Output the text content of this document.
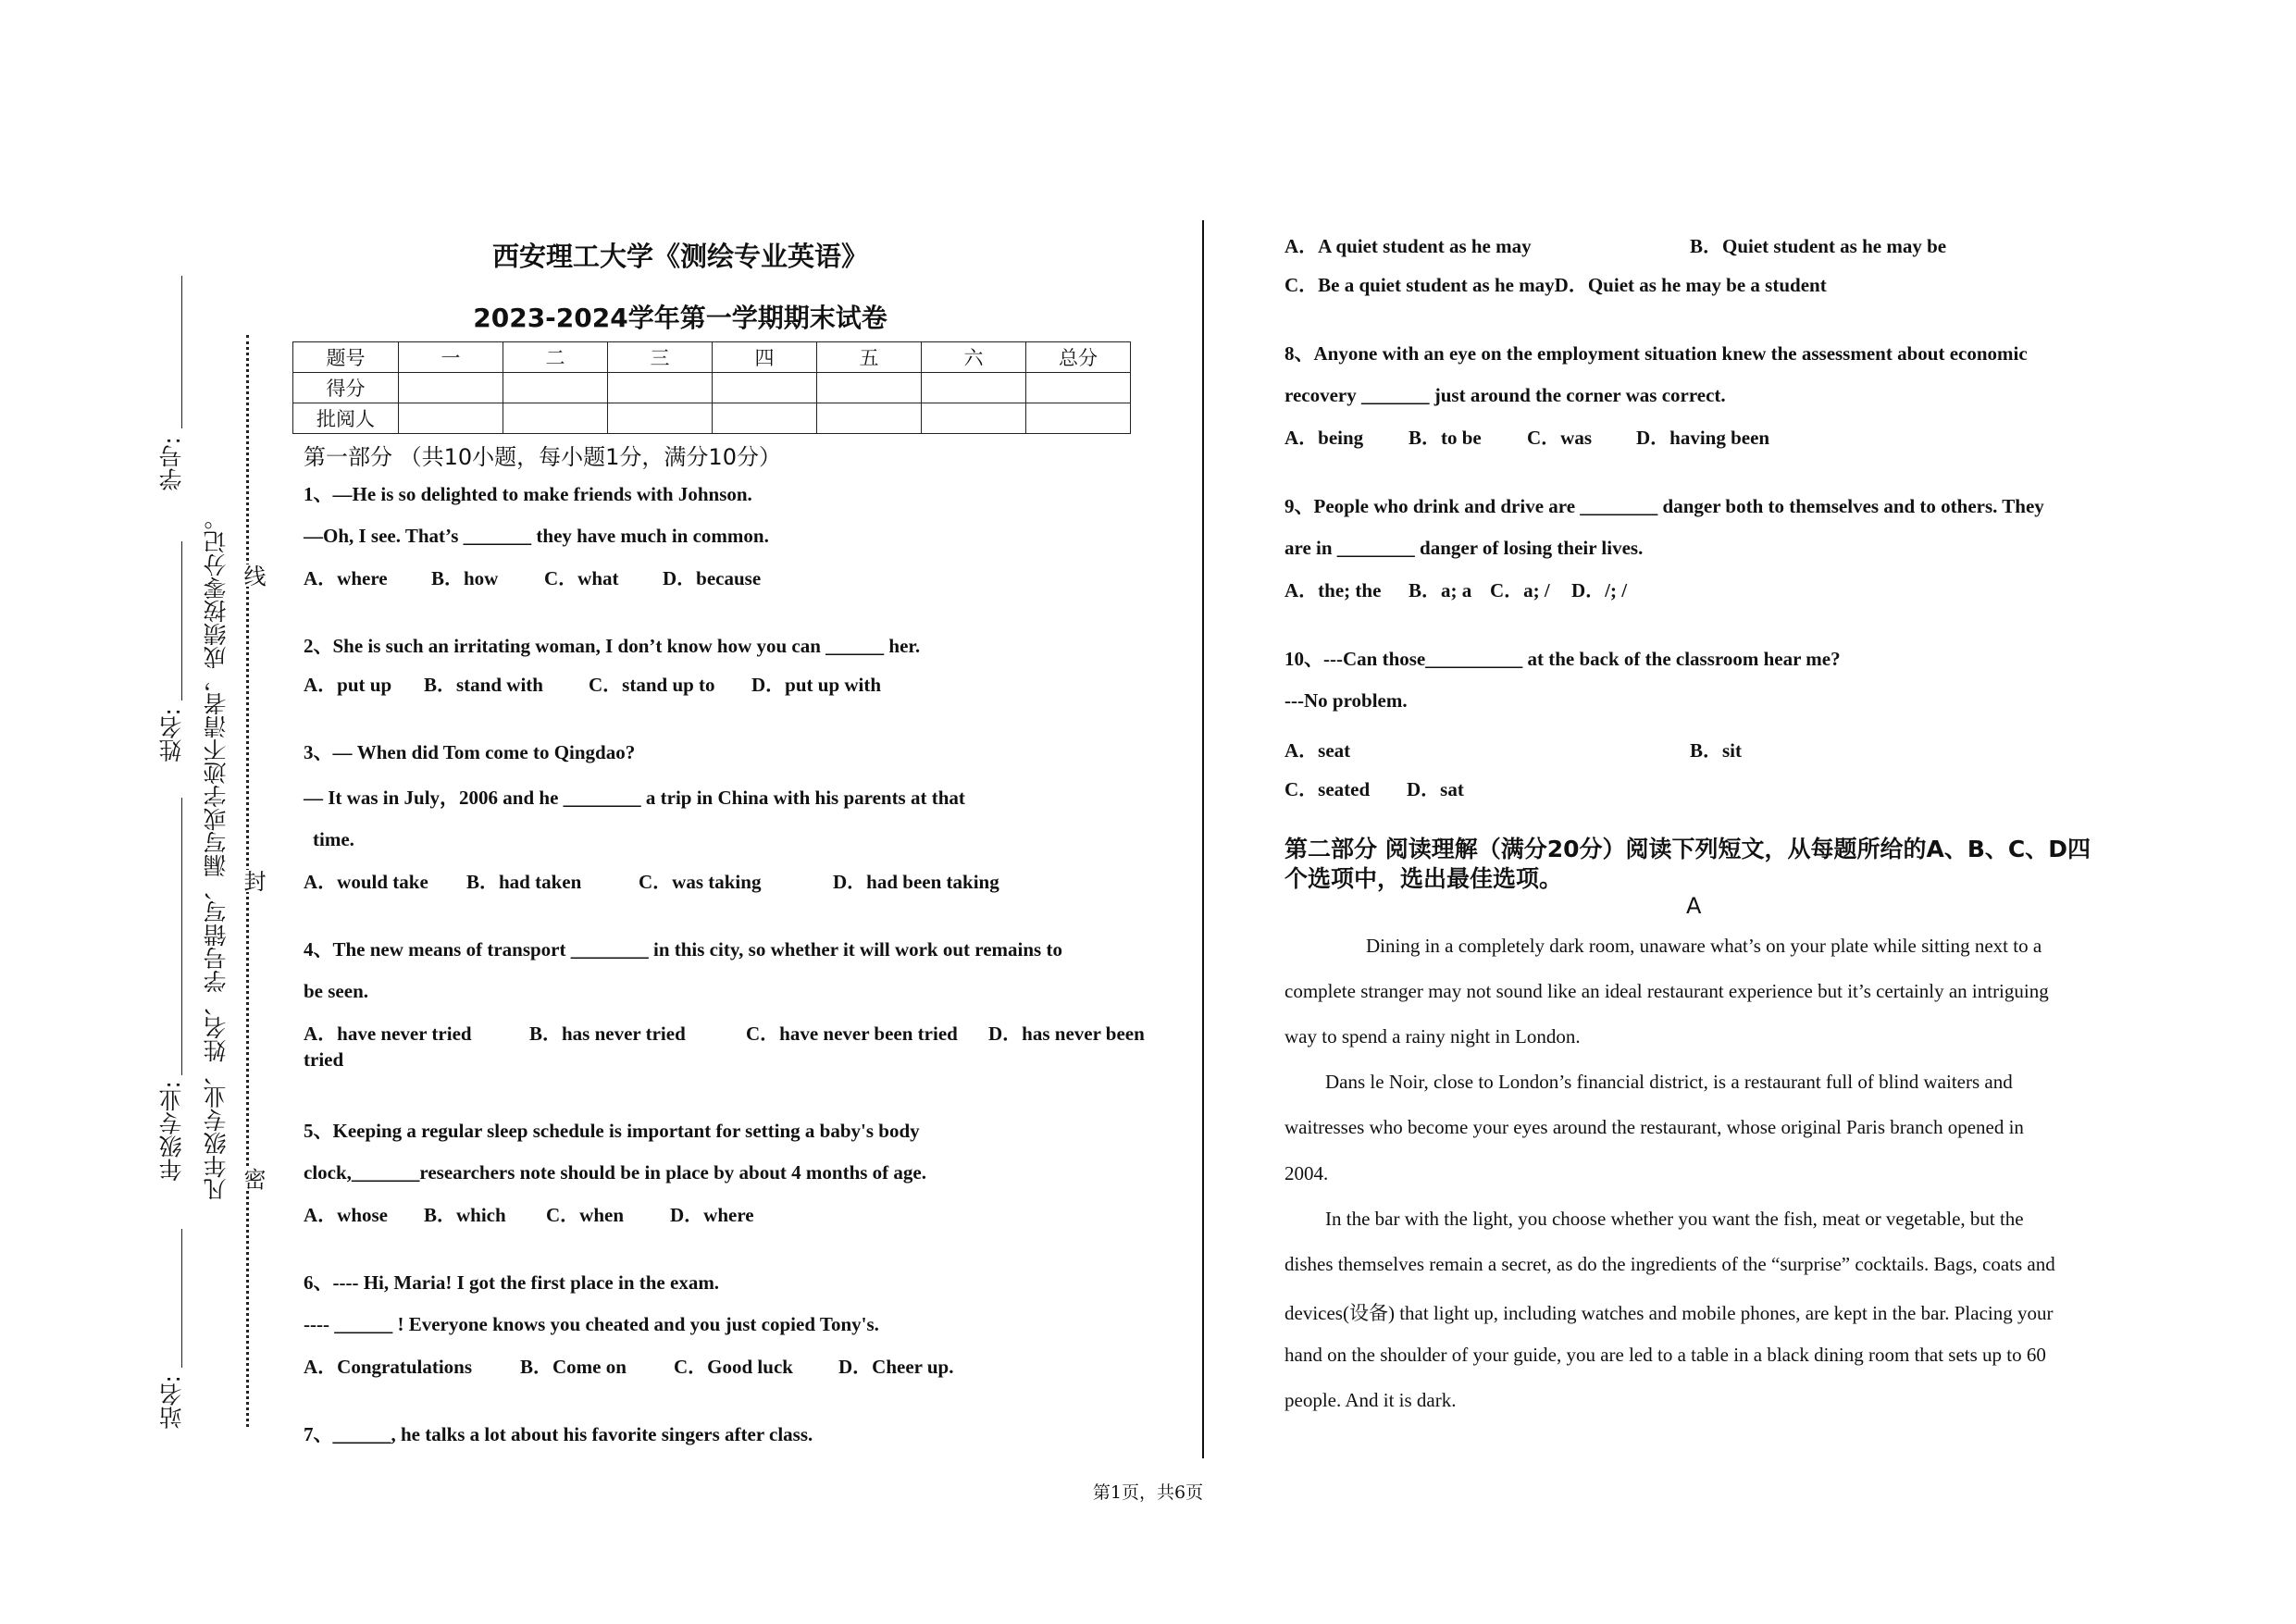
站名:
年级专业:
姓名:
学号:
凡年级专业、姓名、学号错写、漏写或字迹不清者，成绩按零分记。 线
封
密
西安理工大学《测绘专业英语》
2023-2024学年第一学期期末试卷
题号	一	二	三	四	五	六	总分
得分							
批阅人							
第一部分 （共10小题，每小题1分，满分10分）
1、—He is so delighted to make friends with Johnson.
—Oh, I see. That’s _______ they have much in common.
A．where B．how C．what D．because
2、She is such an irritating woman, I don’t know how you can ______ her.
A．put up B．stand with C．stand up to D．put up with
3、— When did Tom come to Qingdao?
— It was in July，2006 and he ________ a trip in China with his parents at that
time.
A．would take B．had taken	C．was taking	D．had been taking
4、The new means of transport ________ in this city, so whether it will work out remains to
be seen.
A．have never tried	B．has never tried	C．have never been tried D．has never been
tried
5、Keeping a regular sleep schedule is important for setting a baby's body
clock,_______researchers note should be in place by about 4 months of age.
A．whose B．which C．when D．where
6、---- Hi, Maria! I got the first place in the exam.
---- ______ ! Everyone knows you cheated and you just copied Tony's.
A．Congratulations B．Come on C．Good luck D．Cheer up.
7、______, he talks a lot about his favorite singers after class.
A．A quiet student as he may	B．Quiet student as he may be
C．Be a quiet student as he mayD．Quiet as he may be a student
8、Anyone with an eye on the employment situation knew the assessment about economic
recovery _______ just around the corner was correct.
A．being B．to be C．was D．having been
9、People who drink and drive are ________ danger both to themselves and to others. They
are in ________ danger of losing their lives.
A．the; the B．a; a C．a; / D．/; /
10、---Can those__________ at the back of the classroom hear me?
---No problem.
A．seat	B．sit
C．seated D．sat
第二部分 阅读理解（满分20分）阅读下列短文，从每题所给的A、B、C、D四
个选项中，选出最佳选项。
A
Dining in a completely dark room, unaware what’s on your plate while sitting next to a
complete stranger may not sound like an ideal restaurant experience but it’s certainly an intriguing
way to spend a rainy night in London.
Dans le Noir, close to London’s financial district, is a restaurant full of blind waiters and
waitresses who become your eyes around the restaurant, whose original Paris branch opened in
2004.
In the bar with the light, you choose whether you want the fish, meat or vegetable, but the
dishes themselves remain a secret, as do the ingredients of the “surprise” cocktails. Bags, coats and
devices(设备) that light up, including watches and mobile phones, are kept in the bar. Placing your
hand on the shoulder of your guide, you are led to a table in a black dining room that sets up to 60
people. And it is dark.
第1页，共6页
